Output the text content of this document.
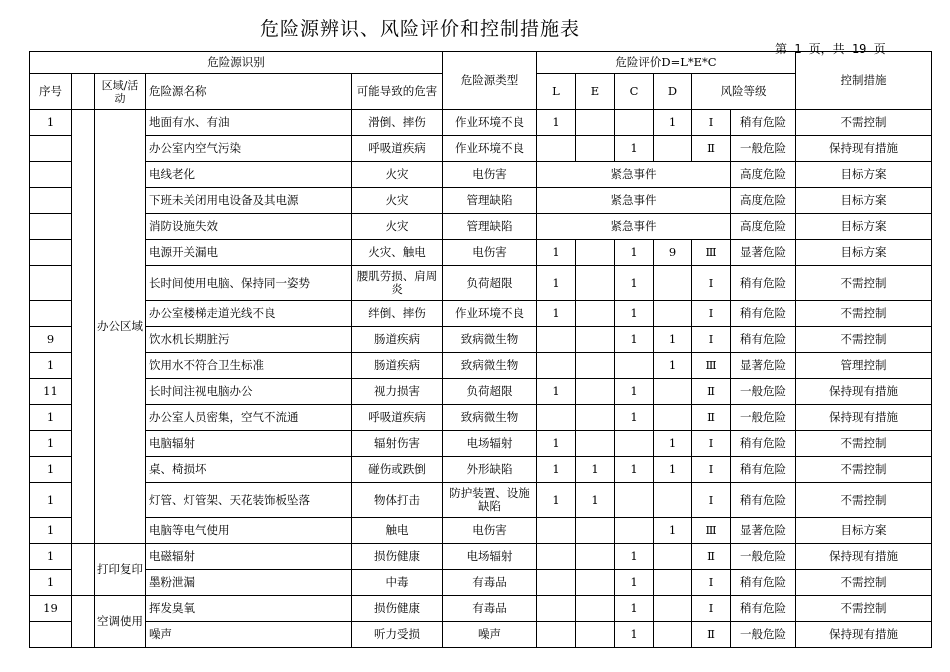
危险源辨识、风险评价和控制措施表
第 1 页，共 19 页
危险源识别					危险源类型	危险评价D=L*E*C						控制措施
序号		区域/活动	危险源名称	可能导致的危害		L	E	C	D	风险等级		
1		办公区域	地面有水、有油	滑倒、摔伤	作业环境不良	1			1	Ⅰ	稍有危险	不需控制
			办公室内空气污染	呼吸道疾病	作业环境不良			1		Ⅱ	一般危险	保持现有措施
			电线老化	火灾	电伤害	紧急事件					高度危险	目标方案
			下班未关闭用电设备及其电源	火灾	管理缺陷	紧急事件					高度危险	目标方案
			消防设施失效	火灾	管理缺陷	紧急事件					高度危险	目标方案
			电源开关漏电	火灾、触电	电伤害	1		1	9	Ⅲ	显著危险	目标方案
			长时间使用电脑、保持同一姿势	腰肌劳损、肩周炎	负荷超限	1		1		Ⅰ	稍有危险	不需控制
			办公室楼梯走道光线不良	绊倒、摔伤	作业环境不良	1		1		Ⅰ	稍有危险	不需控制
9			饮水机长期脏污	肠道疾病	致病微生物			1	1	Ⅰ	稍有危险	不需控制
1			饮用水不符合卫生标准	肠道疾病	致病微生物				1	Ⅲ	显著危险	管理控制
11			长时间注视电脑办公	视力损害	负荷超限	1		1		Ⅱ	一般危险	保持现有措施
1			办公室人员密集，空气不流通	呼吸道疾病	致病微生物			1		Ⅱ	一般危险	保持现有措施
1			电脑辐射	辐射伤害	电场辐射	1			1	Ⅰ	稍有危险	不需控制
1			桌、椅损坏	碰伤或跌倒	外形缺陷	1	1	1	1	Ⅰ	稍有危险	不需控制
1			灯管、灯管架、天花装饰板坠落	物体打击	防护装置、设施缺陷	1	1			Ⅰ	稍有危险	不需控制
1			电脑等电气使用	触电	电伤害				1	Ⅲ	显著危险	目标方案
1		打印复印	电磁辐射	损伤健康	电场辐射			1		Ⅱ	一般危险	保持现有措施
1			墨粉泄漏	中毒	有毒品			1		Ⅰ	稍有危险	不需控制
19		空调使用	挥发臭氧	损伤健康	有毒品			1		Ⅰ	稍有危险	不需控制
			噪声	听力受损	噪声			1		Ⅱ	一般危险	保持现有措施
